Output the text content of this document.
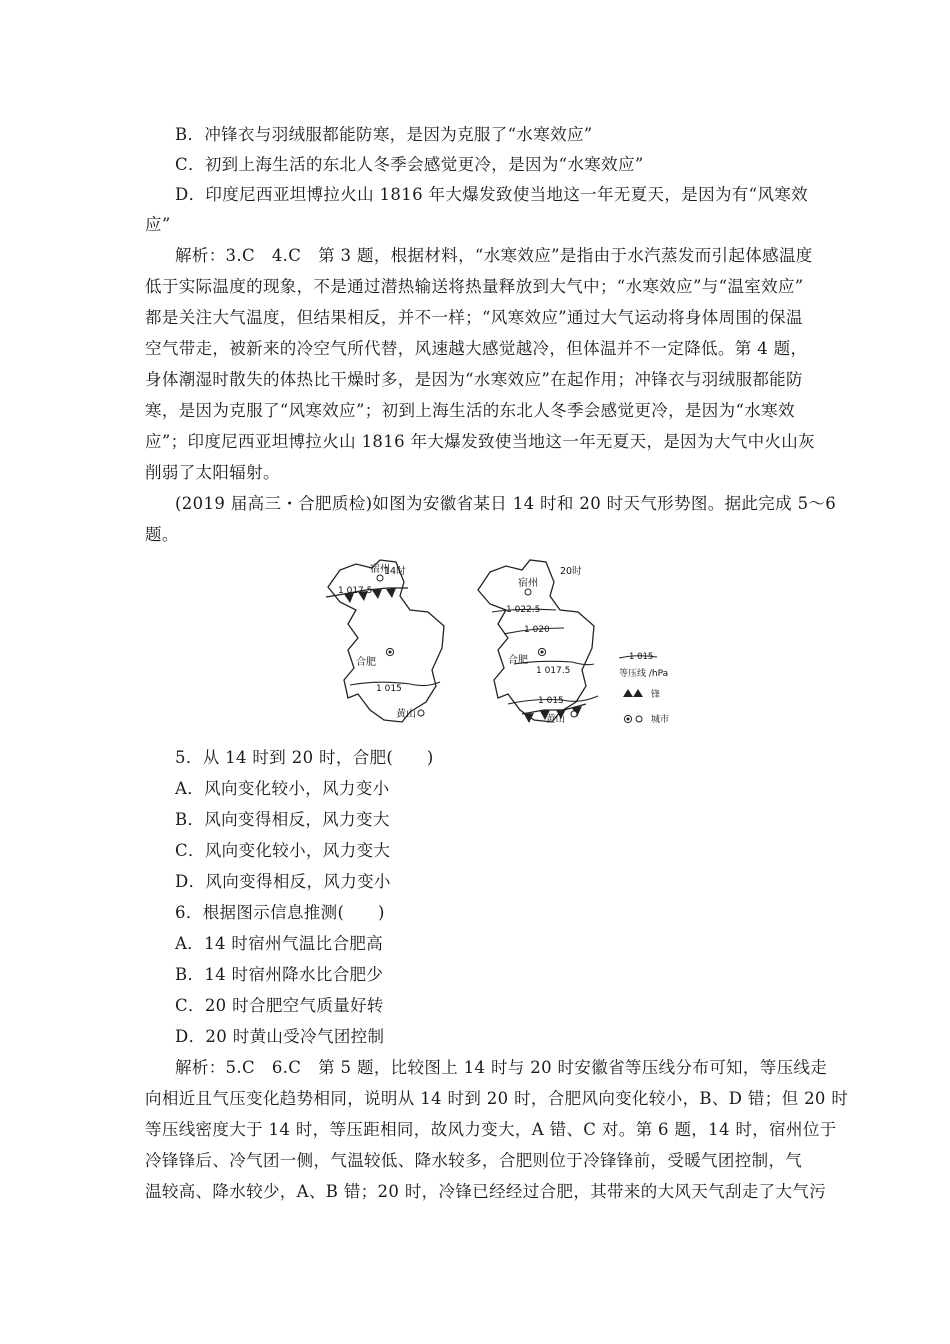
B．冲锋衣与羽绒服都能防寒，是因为克服了“水寒效应”
C．初到上海生活的东北人冬季会感觉更冷，是因为“水寒效应”
D．印度尼西亚坦博拉火山 1816 年大爆发致使当地这一年无夏天，是因为有“风寒效
应”
解析：3.C　4.C　第 3 题，根据材料，“水寒效应”是指由于水汽蒸发而引起体感温度
低于实际温度的现象，不是通过潜热输送将热量释放到大气中；“水寒效应”与“温室效应”
都是关注大气温度，但结果相反，并不一样；“风寒效应”通过大气运动将身体周围的保温
空气带走，被新来的冷空气所代替，风速越大感觉越冷，但体温并不一定降低。第 4 题，
身体潮湿时散失的体热比干燥时多，是因为“水寒效应”在起作用；冲锋衣与羽绒服都能防
寒，是因为克服了“风寒效应”；初到上海生活的东北人冬季会感觉更冷，是因为“水寒效
应”；印度尼西亚坦博拉火山 1816 年大爆发致使当地这一年无夏天，是因为大气中火山灰
削弱了太阳辐射。
(2019 届高三・合肥质检)如图为安徽省某日 14 时和 20 时天气形势图。据此完成 5～6
题。
14时
宿州
1 017.5
合肥
1 015
黄山
20时
宿州
1 022.5
1 020
合肥
1 017.5
1 015
黄山
1 015
等压线 /hPa
锋
城市
5．从 14 时到 20 时，合肥(　　)
A．风向变化较小，风力变小
B．风向变得相反，风力变大
C．风向变化较小，风力变大
D．风向变得相反，风力变小
6．根据图示信息推测(　　)
A．14 时宿州气温比合肥高
B．14 时宿州降水比合肥少
C．20 时合肥空气质量好转
D．20 时黄山受冷气团控制
解析：5.C　6.C　第 5 题，比较图上 14 时与 20 时安徽省等压线分布可知，等压线走
向相近且气压变化趋势相同，说明从 14 时到 20 时，合肥风向变化较小，B、D 错；但 20 时
等压线密度大于 14 时，等压距相同，故风力变大，A 错、C 对。第 6 题，14 时，宿州位于
冷锋锋后、冷气团一侧，气温较低、降水较多，合肥则位于冷锋锋前，受暖气团控制，气
温较高、降水较少，A、B 错；20 时，冷锋已经经过合肥，其带来的大风天气刮走了大气污
